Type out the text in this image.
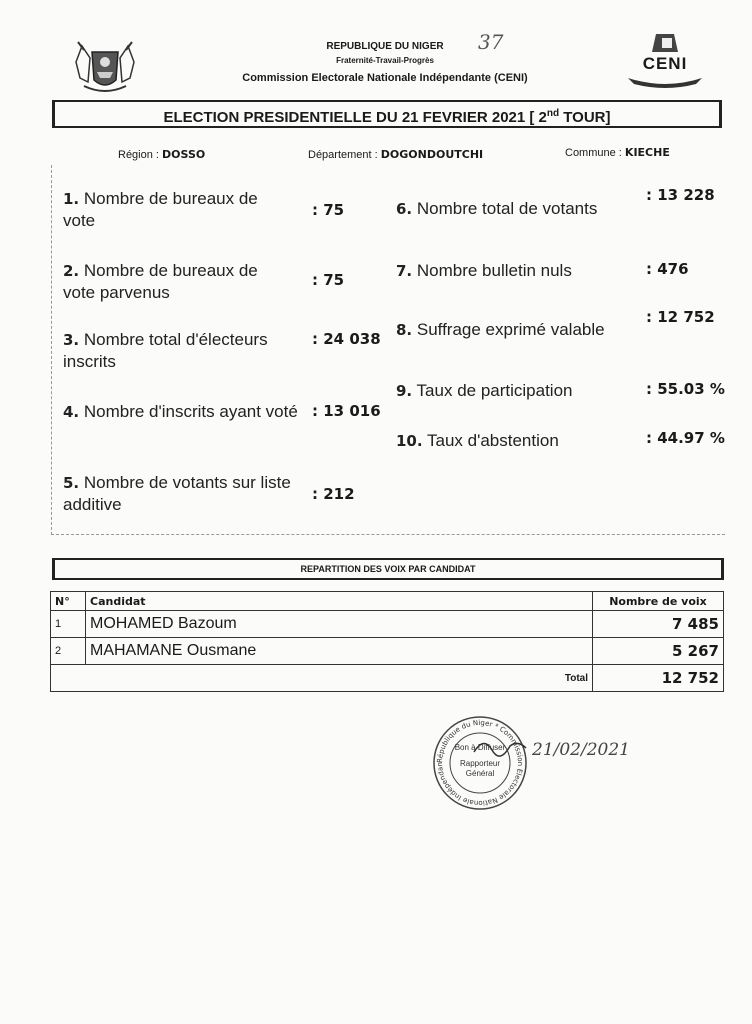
REPUBLIQUE DU NIGER
Fraternité-Travail-Progrès
Commission Electorale Nationale Indépendante (CENI)
37
CENI
ELECTION PRESIDENTIELLE DU 21 FEVRIER 2021 [ 2nd TOUR]
Région : DOSSO	Département : DOGONDOUTCHI	Commune : KIECHE
1. Nombre de bureaux de vote
: 75
2. Nombre de bureaux de vote parvenus
: 75
3. Nombre total d'électeurs inscrits
: 24 038
4. Nombre d'inscrits ayant voté : 13 016
5. Nombre de votants sur liste additive
: 212
6. Nombre total de votants
: 13 228
7. Nombre bulletin nuls	: 476
8. Suffrage exprimé valable
: 12 752
9. Taux de participation	: 55.03 %
10. Taux d'abstention	: 44.97 %
REPARTITION DES VOIX PAR CANDIDAT
N°	Candidat	Nombre de voix
1	MOHAMED Bazoum	7 485
2	MAHAMANE Ousmane	5 267
Total		12 752
République du Niger * Commission Electorale Nationale Indépendan
Bon à Diffuser
Rapporteur
Général
21/02/2021
